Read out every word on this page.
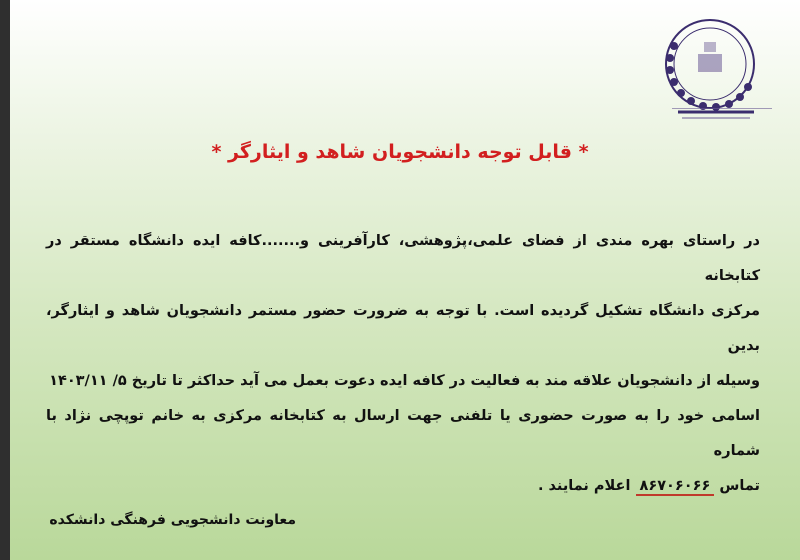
* قابل توجه دانشجویان شاهد و ایثارگر *

در راستای بهره مندی از فضای علمی،پژوهشی، کارآفرینی و.......کافه ایده دانشگاه مستقر در کتابخانه

مرکزی دانشگاه تشکیل گردیده است. با توجه به ضرورت حضور مستمر دانشجویان شاهد و ایثارگر، بدین

وسیله از دانشجویان علاقه مند به فعالیت در کافه ایده دعوت بعمل می آید حداکثر تا تاریخ ۵/ ۱۴۰۳/۱۱

اسامی خود را به صورت حضوری یا تلفنی جهت ارسال به کتابخانه مرکزی به خانم توپچی نژاد با شماره

تماس ۸۶۷۰۶۰۶۶ اعلام نمایند .

معاونت دانشجویی فرهنگی دانشکده
